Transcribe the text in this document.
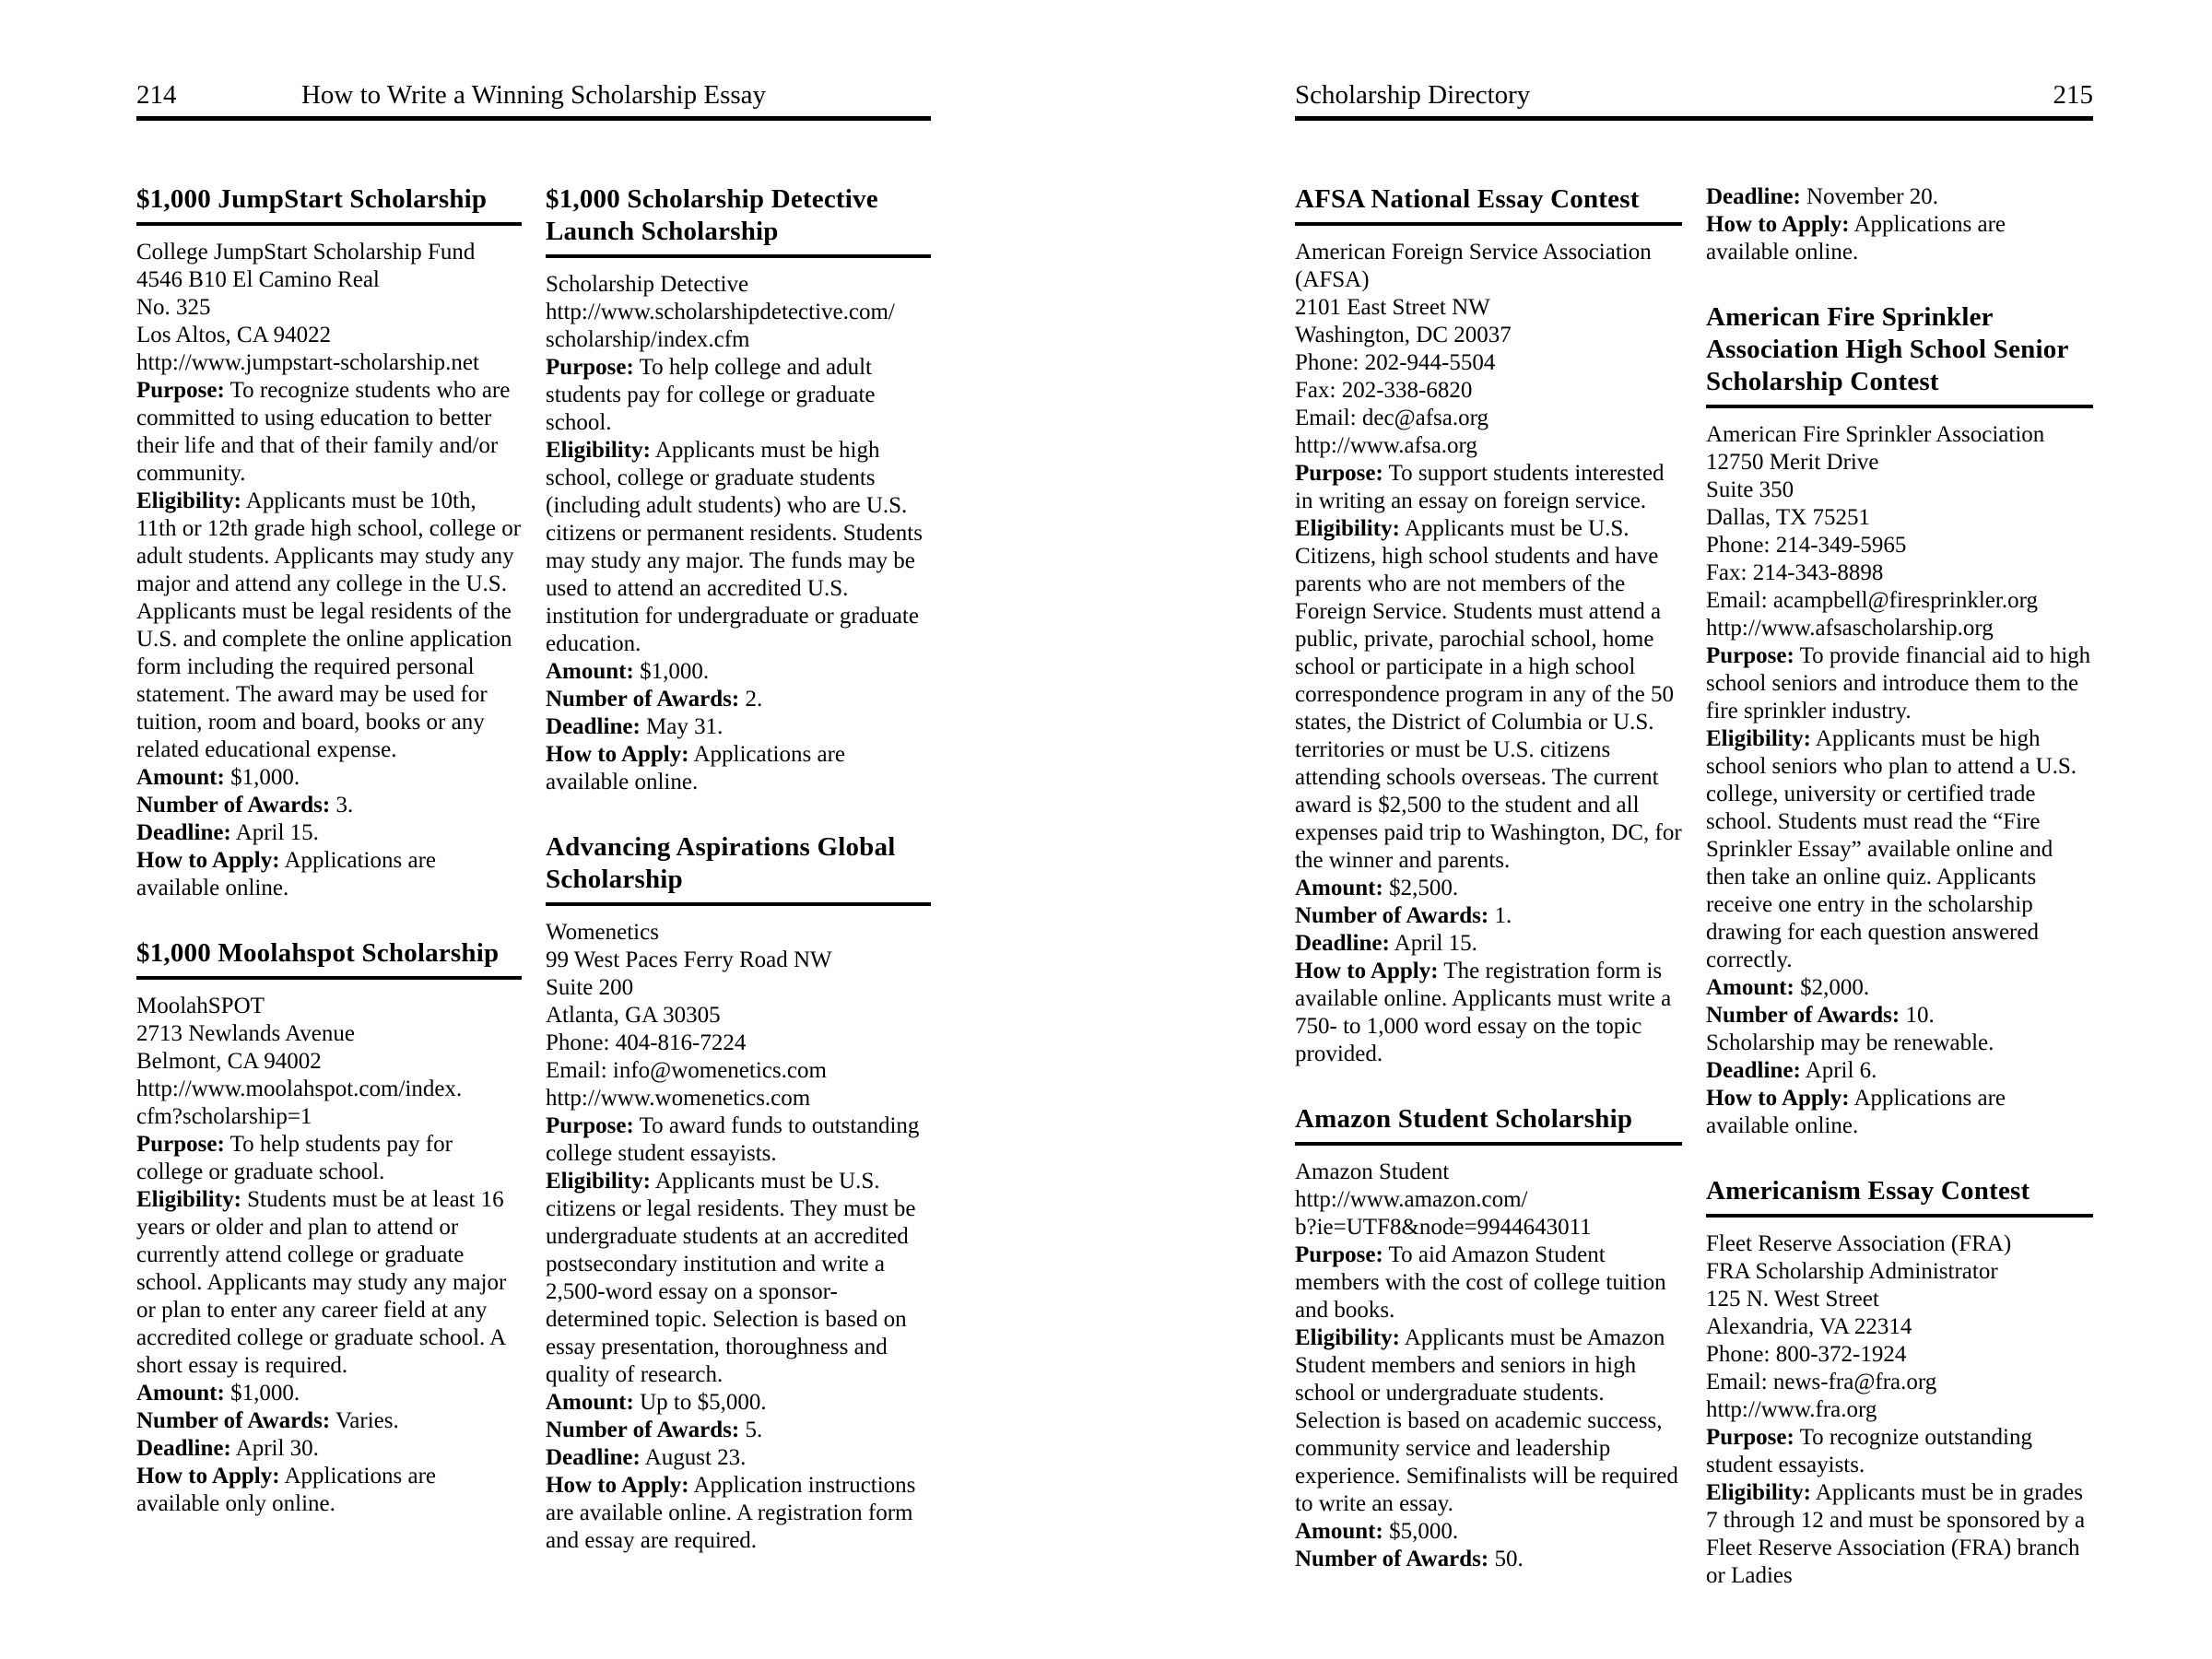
214	How to Write a Winning Scholarship Essay
$1,000 JumpStart Scholarship

College JumpStart Scholarship Fund

4546 B10 El Camino Real

No. 325

Los Altos, CA 94022

http://www.jumpstart-scholarship.net

Purpose: To recognize students who are committed to using education to better their life and that of their family and/or community.

Eligibility: Applicants must be 10th, 11th or 12th grade high school, college or adult students. Applicants may study any major and attend any college in the U.S. Applicants must be legal residents of the U.S. and complete the online application form including the required personal statement. The award may be used for tuition, room and board, books or any related educational expense.

Amount: $1,000.

Number of Awards: 3.

Deadline: April 15.

How to Apply: Applications are available online.

$1,000 Moolahspot Scholarship

MoolahSPOT

2713 Newlands Avenue

Belmont, CA 94002

http://www.moolahspot.com/index.

cfm?scholarship=1

Purpose: To help students pay for college or graduate school.

Eligibility: Students must be at least 16 years or older and plan to attend or currently attend college or graduate school. Applicants may study any major or plan to enter any career field at any accredited college or graduate school. A short essay is required.

Amount: $1,000.

Number of Awards: Varies.

Deadline: April 30.

How to Apply: Applications are available only online.

$1,000 Scholarship Detective Launch Scholarship

Scholarship Detective

http://www.scholarshipdetective.com/

scholarship/index.cfm

Purpose: To help college and adult students pay for college or graduate school.

Eligibility: Applicants must be high school, college or graduate students (including adult students) who are U.S. citizens or permanent residents. Students may study any major. The funds may be used to attend an accredited U.S. institution for undergraduate or graduate education.

Amount: $1,000.

Number of Awards: 2.

Deadline: May 31.

How to Apply: Applications are available online.

Advancing Aspirations Global Scholarship

Womenetics

99 West Paces Ferry Road NW

Suite 200

Atlanta, GA 30305

Phone: 404-816-7224

Email: info@womenetics.com

http://www.womenetics.com

Purpose: To award funds to outstanding college student essayists.

Eligibility: Applicants must be U.S. citizens or legal residents. They must be undergraduate students at an accredited postsecondary institution and write a 2,500-word essay on a sponsor-determined topic. Selection is based on essay presentation, thoroughness and quality of research.

Amount: Up to $5,000.

Number of Awards: 5.

Deadline: August 23.

How to Apply: Application instructions are available online. A registration form and essay are required.

Scholarship Directory	215
AFSA National Essay Contest

American Foreign Service Association

(AFSA)

2101 East Street NW

Washington, DC 20037

Phone: 202-944-5504

Fax: 202-338-6820

Email: dec@afsa.org

http://www.afsa.org

Purpose: To support students interested in writing an essay on foreign service.

Eligibility: Applicants must be U.S. Citizens, high school students and have parents who are not members of the Foreign Service. Students must attend a public, private, parochial school, home school or participate in a high school correspondence program in any of the 50 states, the District of Columbia or U.S. territories or must be U.S. citizens attending schools overseas. The current award is $2,500 to the student and all expenses paid trip to Washington, DC, for the winner and parents.

Amount: $2,500.

Number of Awards: 1.

Deadline: April 15.

How to Apply: The registration form is available online. Applicants must write a 750- to 1,000 word essay on the topic provided.

Amazon Student Scholarship

Amazon Student

http://www.amazon.com/

b?ie=UTF8&node=9944643011

Purpose: To aid Amazon Student members with the cost of college tuition and books.

Eligibility: Applicants must be Amazon Student members and seniors in high school or undergraduate students. Selection is based on academic success, community service and leadership experience. Semifinalists will be required to write an essay.

Amount: $5,000.

Number of Awards: 50.

Deadline: November 20.

How to Apply: Applications are available online.

American Fire Sprinkler Association High School Senior Scholarship Contest

American Fire Sprinkler Association

12750 Merit Drive

Suite 350

Dallas, TX 75251

Phone: 214-349-5965

Fax: 214-343-8898

Email: acampbell@firesprinkler.org

http://www.afsascholarship.org

Purpose: To provide financial aid to high school seniors and introduce them to the fire sprinkler industry.

Eligibility: Applicants must be high school seniors who plan to attend a U.S. college, university or certified trade school. Students must read the “Fire Sprinkler Essay” available online and then take an online quiz. Applicants receive one entry in the scholarship drawing for each question answered correctly.

Amount: $2,000.

Number of Awards: 10.

Scholarship may be renewable.

Deadline: April 6.

How to Apply: Applications are available online.

Americanism Essay Contest

Fleet Reserve Association (FRA)

FRA Scholarship Administrator

125 N. West Street

Alexandria, VA 22314

Phone: 800-372-1924

Email: news-fra@fra.org

http://www.fra.org

Purpose: To recognize outstanding student essayists.

Eligibility: Applicants must be in grades 7 through 12 and must be sponsored by a Fleet Reserve Association (FRA) branch or Ladies
